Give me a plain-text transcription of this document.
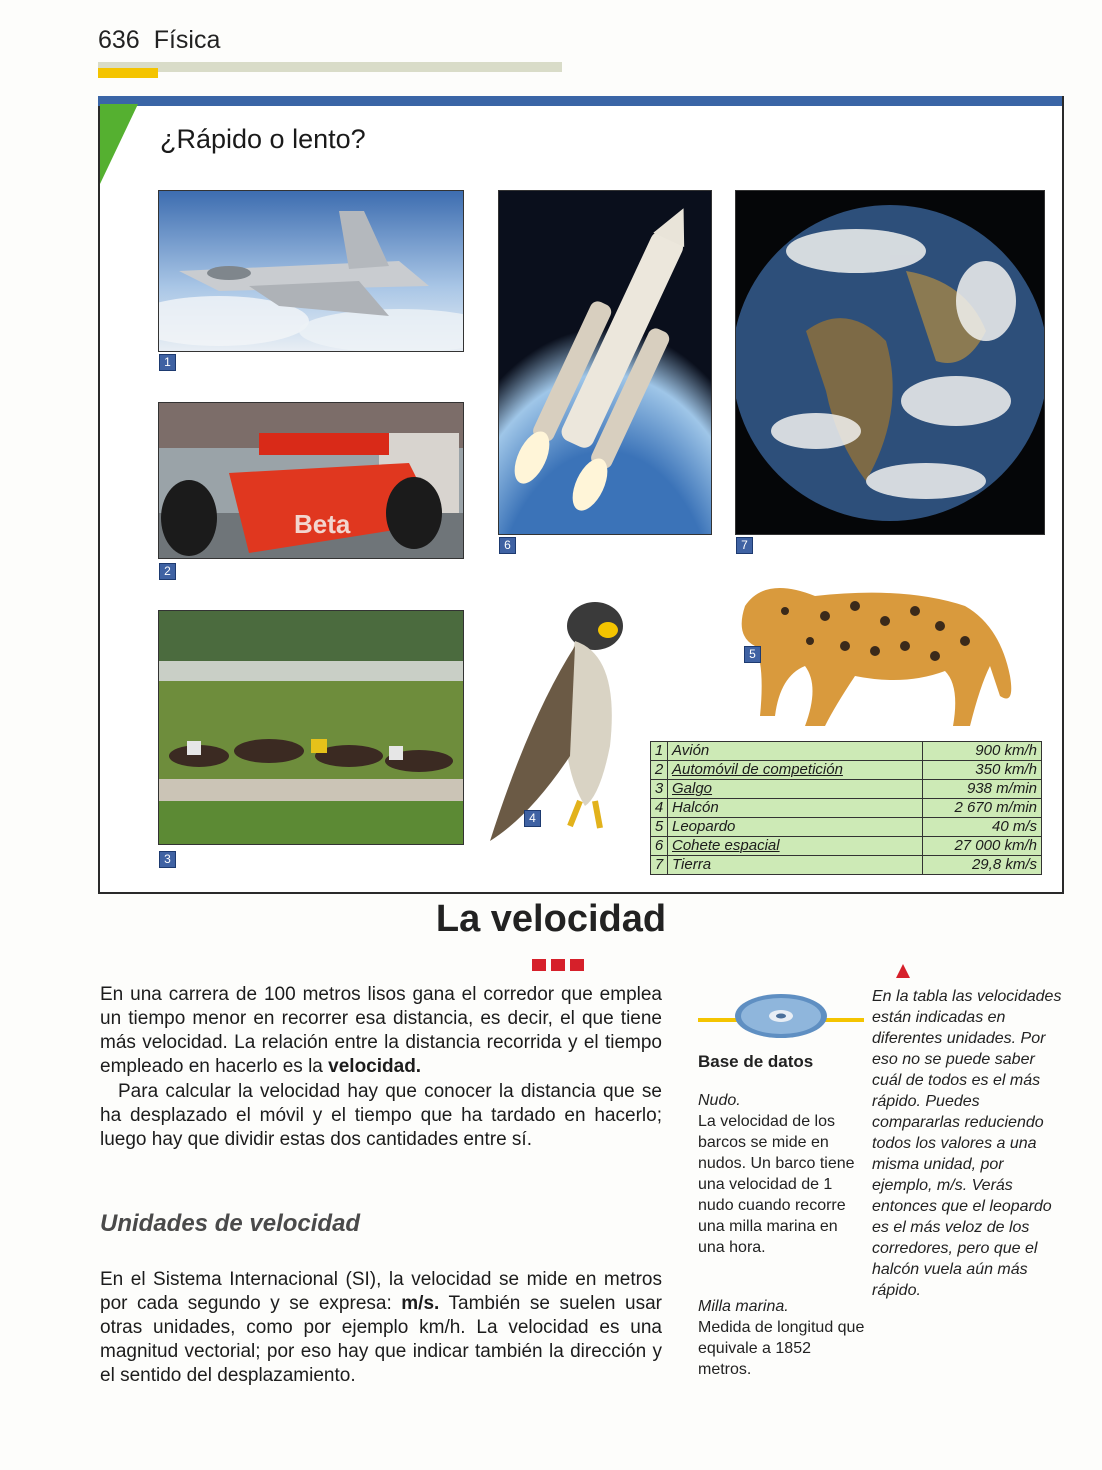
636 Física
¿Rápido o lento?
1
Beta
2
3
6	7
4
5
1	Avión	900 km/h
2	Automóvil de competición	350 km/h
3	Galgo	938 m/min
4	Halcón	2 670 m/min
5	Leopardo	40 m/s
6	Cohete espacial	27 000 km/h
7	Tierra	29,8 km/s
La velocidad
En una carrera de 100 metros lisos gana el corredor que emplea un tiempo menor en recorrer esa distancia, es decir, el que tiene más velocidad. La relación entre la distancia recorrida y el tiempo empleado en hacerlo es la velocidad.
Para calcular la velocidad hay que conocer la distancia que se ha desplazado el móvil y el tiempo que ha tardado en hacerlo; luego hay que dividir estas dos cantidades entre sí.
Unidades de velocidad
En el Sistema Internacional (SI), la velocidad se mide en metros por cada segundo y se expresa: m/s. También se suelen usar otras unidades, como por ejemplo km/h. La velocidad es una magnitud vectorial; por eso hay que indicar también la dirección y el sentido del desplazamiento.
Base de datos
Nudo.
La velocidad de los barcos se mide en nudos. Un barco tiene una velocidad de 1 nudo cuando recorre una milla marina en una hora.
Milla marina.
Medida de longitud que equivale a 1852 metros.
En la tabla las velocidades están indicadas en diferentes unidades. Por eso no se puede saber cuál de todos es el más rápido. Puedes compararlas reduciendo todos los valores a una misma unidad, por ejemplo, m/s. Verás entonces que el leopardo es el más veloz de los corredores, pero que el halcón vuela aún más rápido.
